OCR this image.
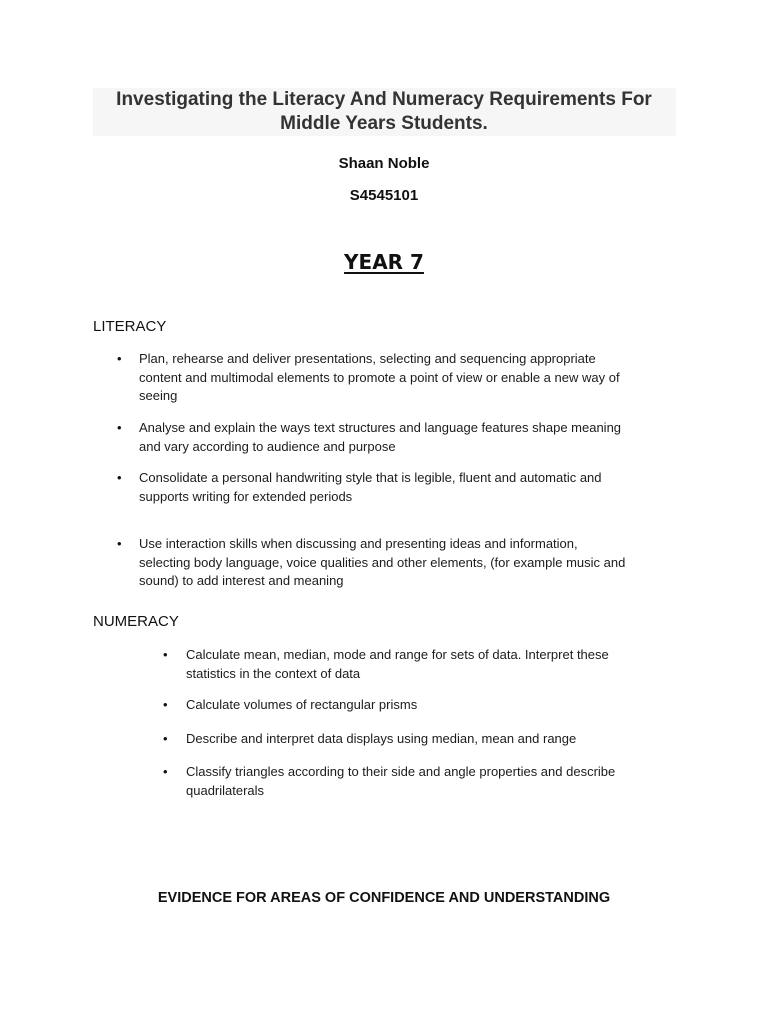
Investigating the Literacy And Numeracy Requirements For
Middle Years Students.
Shaan Noble
S4545101
YEAR 7
LITERACY
•
Plan, rehearse and deliver presentations, selecting and sequencing appropriate
content and multimodal elements to promote a point of view or enable a new way of
seeing
•
Analyse and explain the ways text structures and language features shape meaning
and vary according to audience and purpose
•
Consolidate a personal handwriting style that is legible, fluent and automatic and
supports writing for extended periods
•
Use interaction skills when discussing and presenting ideas and information,
selecting body language, voice qualities and other elements, (for example music and
sound) to add interest and meaning
NUMERACY
•
Calculate mean, median, mode and range for sets of data. Interpret these
statistics in the context of data
•
Calculate volumes of rectangular prisms
•
Describe and interpret data displays using median, mean and range
•
Classify triangles according to their side and angle properties and describe
quadrilaterals
EVIDENCE FOR AREAS OF CONFIDENCE AND UNDERSTANDING
